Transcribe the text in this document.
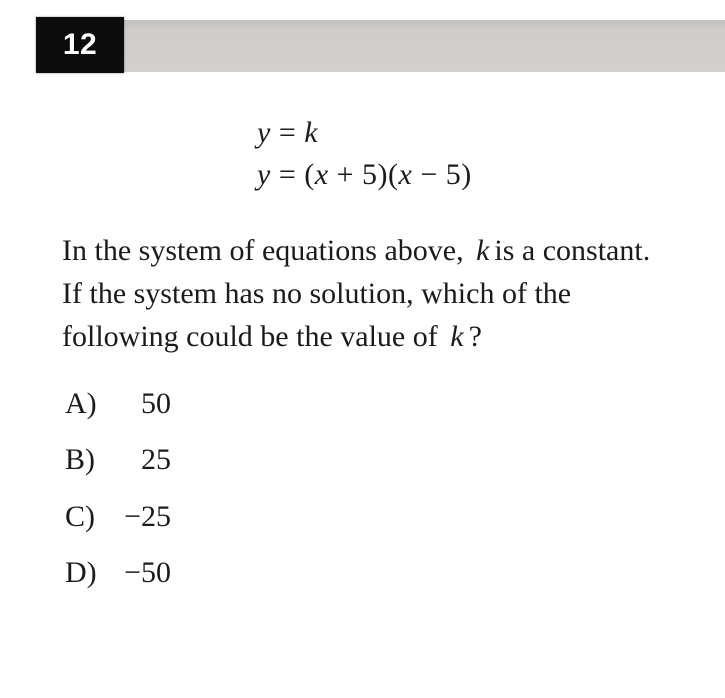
12
y = k
y = (x + 5)(x − 5)
In the system of equations above, k is a constant.
If the system has no solution, which of the
following could be the value of k ?
A) 50
B) 25
C) −25
D) −50
